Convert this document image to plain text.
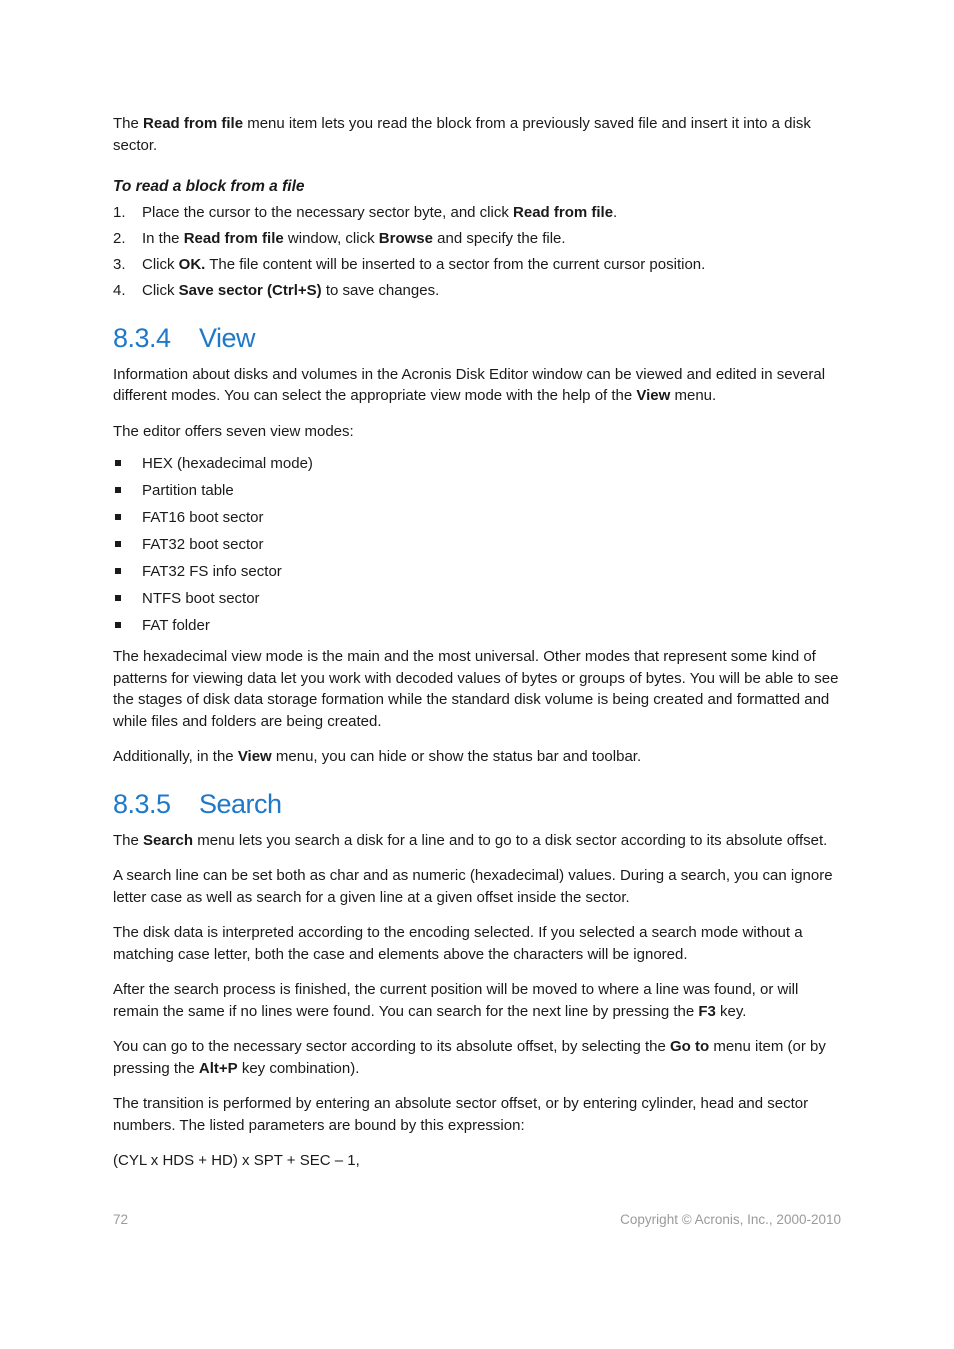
The Read from file menu item lets you read the block from a previously saved file and insert it into a disk sector.

To read a block from a file
1. Place the cursor to the necessary sector byte, and click Read from file.
2. In the Read from file window, click Browse and specify the file.
3. Click OK. The file content will be inserted to a sector from the current cursor position.
4. Click Save sector (Ctrl+S) to save changes.
8.3.4 View

Information about disks and volumes in the Acronis Disk Editor window can be viewed and edited in several different modes. You can select the appropriate view mode with the help of the View menu.

The editor offers seven view modes:

HEX (hexadecimal mode)
Partition table
FAT16 boot sector
FAT32 boot sector
FAT32 FS info sector
NTFS boot sector
FAT folder

The hexadecimal view mode is the main and the most universal. Other modes that represent some kind of patterns for viewing data let you work with decoded values of bytes or groups of bytes. You will be able to see the stages of disk data storage formation while the standard disk volume is being created and formatted and while files and folders are being created.

Additionally, in the View menu, you can hide or show the status bar and toolbar.

8.3.5 Search

The Search menu lets you search a disk for a line and to go to a disk sector according to its absolute offset.

A search line can be set both as char and as numeric (hexadecimal) values. During a search, you can ignore letter case as well as search for a given line at a given offset inside the sector.

The disk data is interpreted according to the encoding selected. If you selected a search mode without a matching case letter, both the case and elements above the characters will be ignored.

After the search process is finished, the current position will be moved to where a line was found, or will remain the same if no lines were found. You can search for the next line by pressing the F3 key.

You can go to the necessary sector according to its absolute offset, by selecting the Go to menu item (or by pressing the Alt+P key combination).

The transition is performed by entering an absolute sector offset, or by entering cylinder, head and sector numbers. The listed parameters are bound by this expression:

(CYL x HDS + HD) x SPT + SEC – 1,

72	Copyright © Acronis, Inc., 2000-2010
